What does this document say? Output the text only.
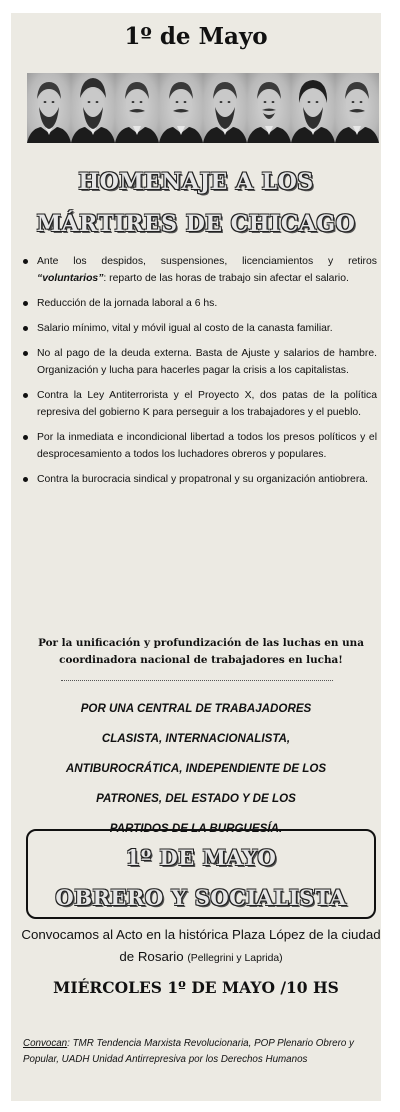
1º de Mayo
HOMENAJE A LOS
MÁRTIRES DE CHICAGO
Ante los despidos, suspensiones, licenciamientos y retiros “voluntarios”: reparto de las horas de trabajo sin afectar el salario.
Reducción de la jornada laboral a 6 hs.
Salario mínimo, vital y móvil igual al costo de la canasta familiar.
No al pago de la deuda externa. Basta de Ajuste y salarios de hambre. Organización y lucha para hacerles pagar la crisis a los capitalistas.
Contra la Ley Antiterrorista y el Proyecto X, dos patas de la política represiva del gobierno K para perseguir a los trabajadores y el pueblo.
Por la inmediata e incondicional libertad a todos los presos políticos y el desprocesamiento a todos los luchadores obreros y populares.
Contra la burocracia sindical y propatronal y su organización antiobrera.
Por la unificación y profundización de las luchas en una coordinadora nacional de trabajadores en lucha!
POR UNA CENTRAL DE TRABAJADORES
CLASISTA, INTERNACIONALISTA,
ANTIBUROCRÁTICA, INDEPENDIENTE DE LOS
PATRONES, DEL ESTADO Y DE LOS
PARTIDOS DE LA BURGUESÍA.
1º DE MAYO
OBRERO Y SOCIALISTA
Convocamos al Acto en la histórica Plaza López de la ciudad de Rosario (Pellegrini y Laprida)
MIÉRCOLES 1º DE MAYO /10 HS
Convocan: TMR Tendencia Marxista Revolucionaria, POP Plenario Obrero y Popular, UADH Unidad Antirrepresiva por los Derechos Humanos
